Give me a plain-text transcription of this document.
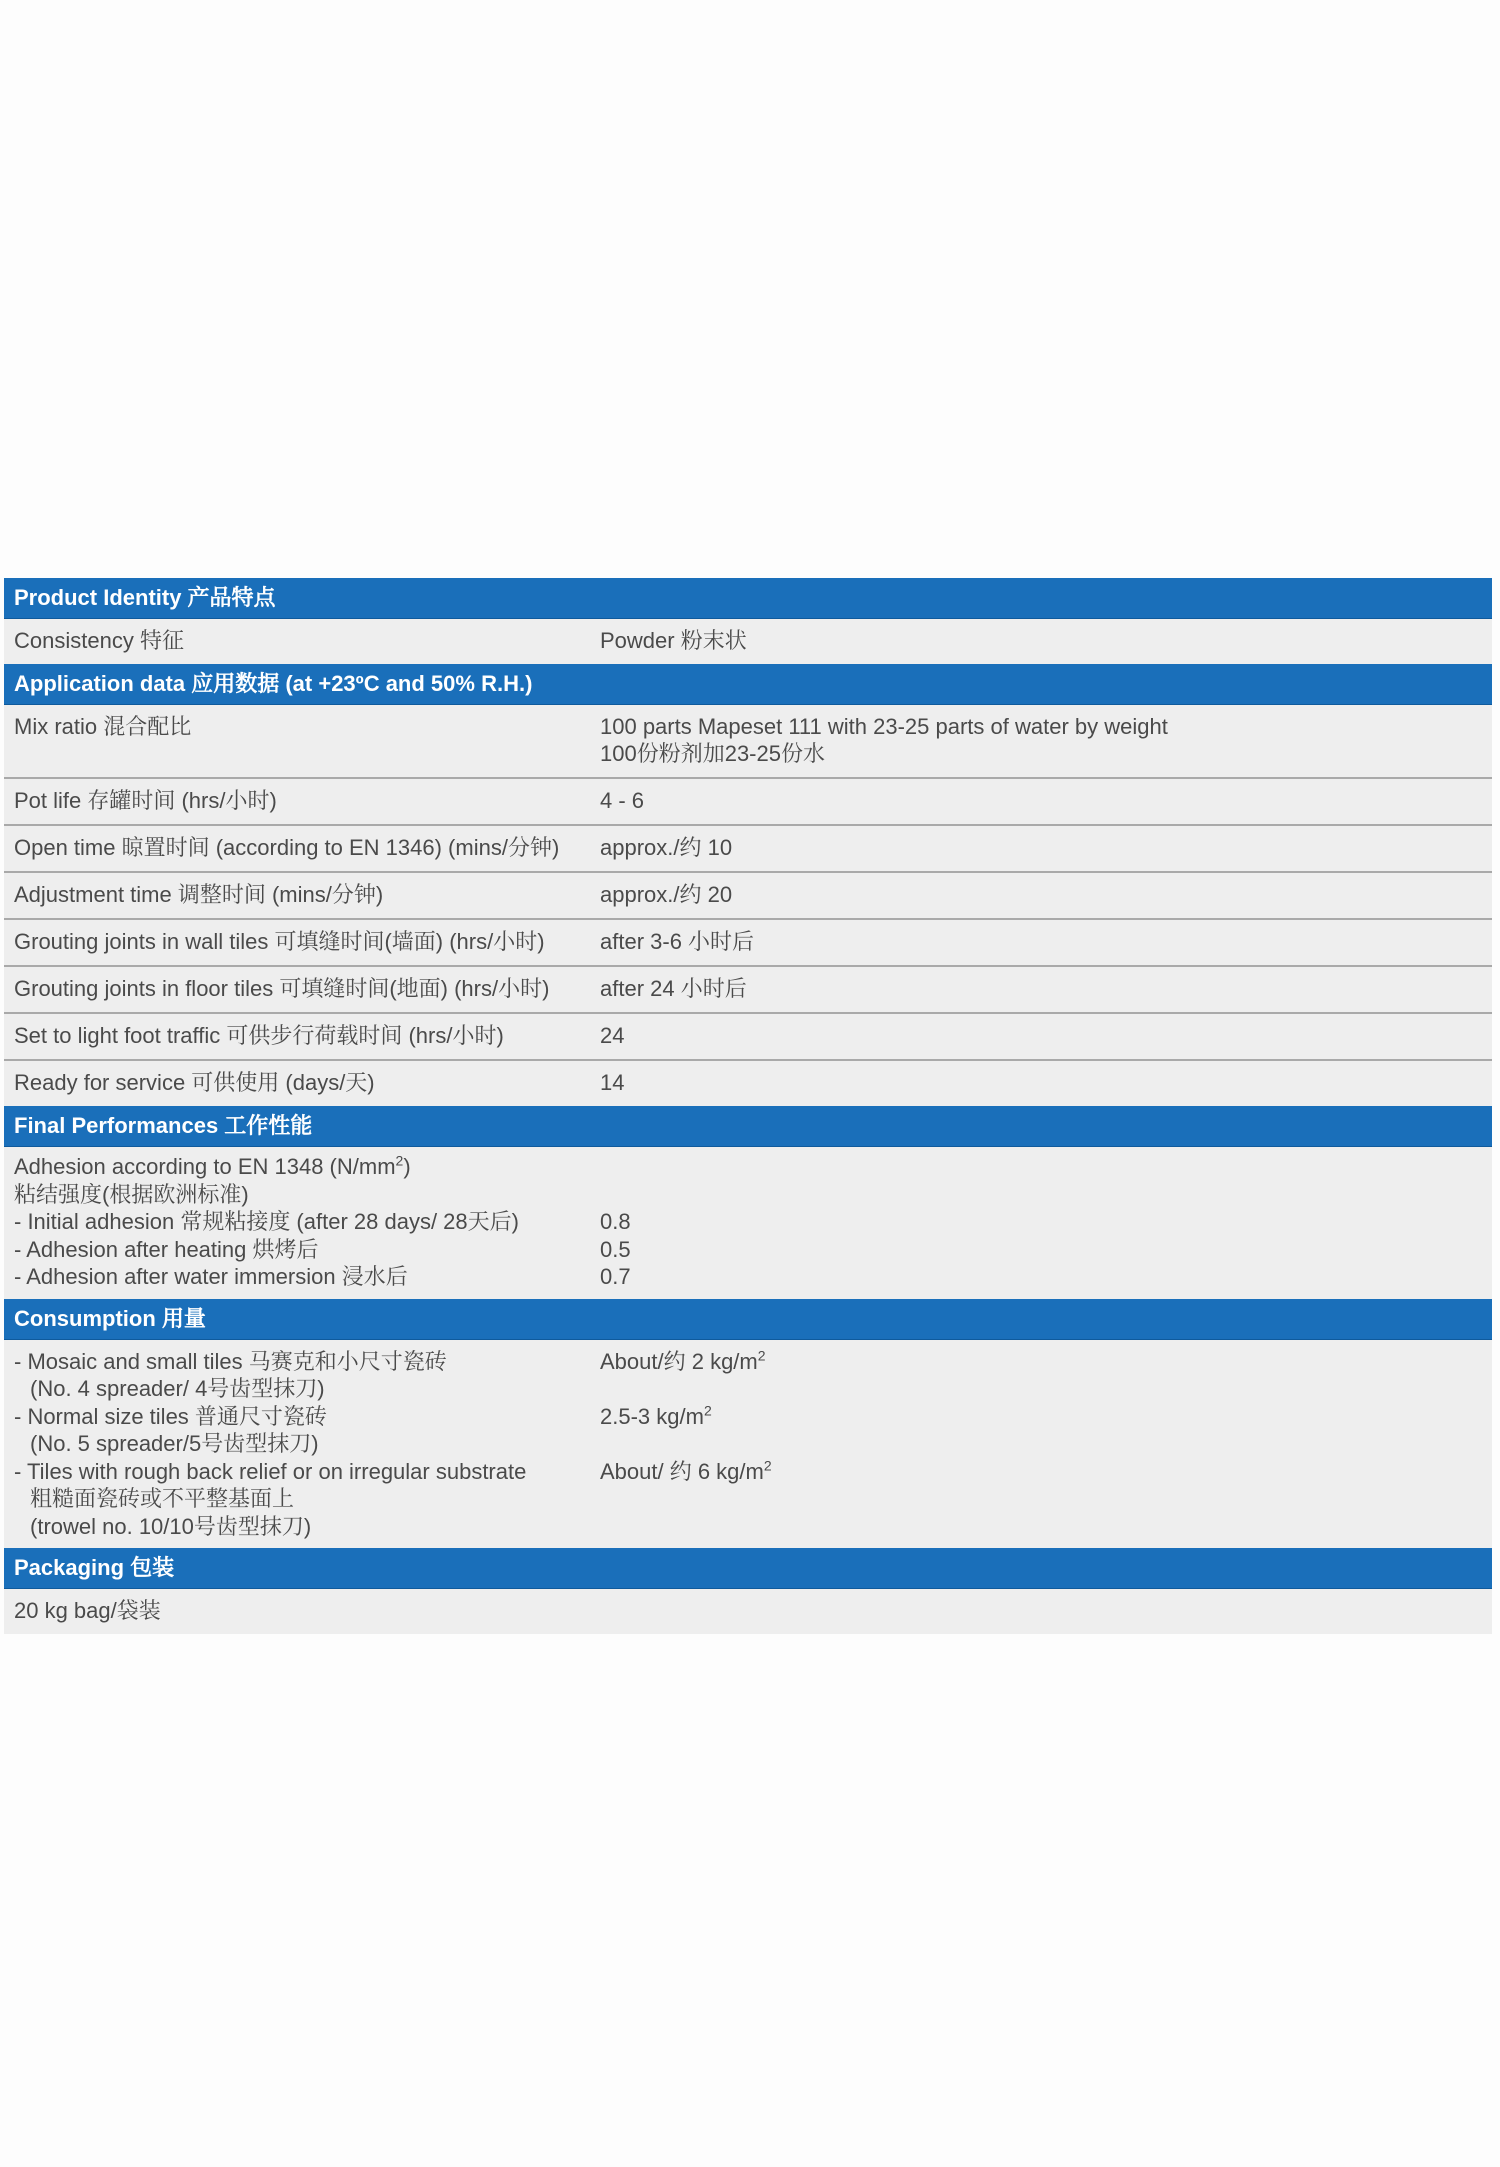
Product Identity 产品特点
Consistency 特征	Powder 粉末状
Application data 应用数据 (at +23ºC and 50% R.H.)
Mix ratio 混合配比	100 parts Mapeset 111 with 23-25 parts of water by weight
100份粉剂加23-25份水
Pot life 存罐时间 (hrs/小时)	4 - 6
Open time 晾置时间 (according to EN 1346) (mins/分钟)	approx./约 10
Adjustment time 调整时间 (mins/分钟)	approx./约 20
Grouting joints in wall tiles 可填缝时间(墙面) (hrs/小时)	after 3-6 小时后
Grouting joints in floor tiles 可填缝时间(地面) (hrs/小时)	after 24 小时后
Set to light foot traffic 可供步行荷载时间 (hrs/小时)	24
Ready for service 可供使用 (days/天)	14
Final Performances 工作性能
Adhesion according to EN 1348 $(N/mm^2)$
粘结强度(根据欧洲标准)
- Initial adhesion 常规粘接度 (after 28 days/ 28天后)	0.8
- Adhesion after heating 烘烤后	0.5
- Adhesion after water immersion 浸水后	0.7
Consumption 用量
- Mosaic and small tiles 马赛克和小尺寸瓷砖	About/约 2 $kg/m^2$
(No. 4 spreader/ 4号齿型抹刀)
- Normal size tiles 普通尺寸瓷砖	2.5-3 $kg/m^2$
(No. 5 spreader/5号齿型抹刀)
- Tiles with rough back relief or on irregular substrate	About/ 约 6 $kg/m^2$
粗糙面瓷砖或不平整基面上
(trowel no. 10/10号齿型抹刀)
Packaging 包装
20 kg bag/袋装
